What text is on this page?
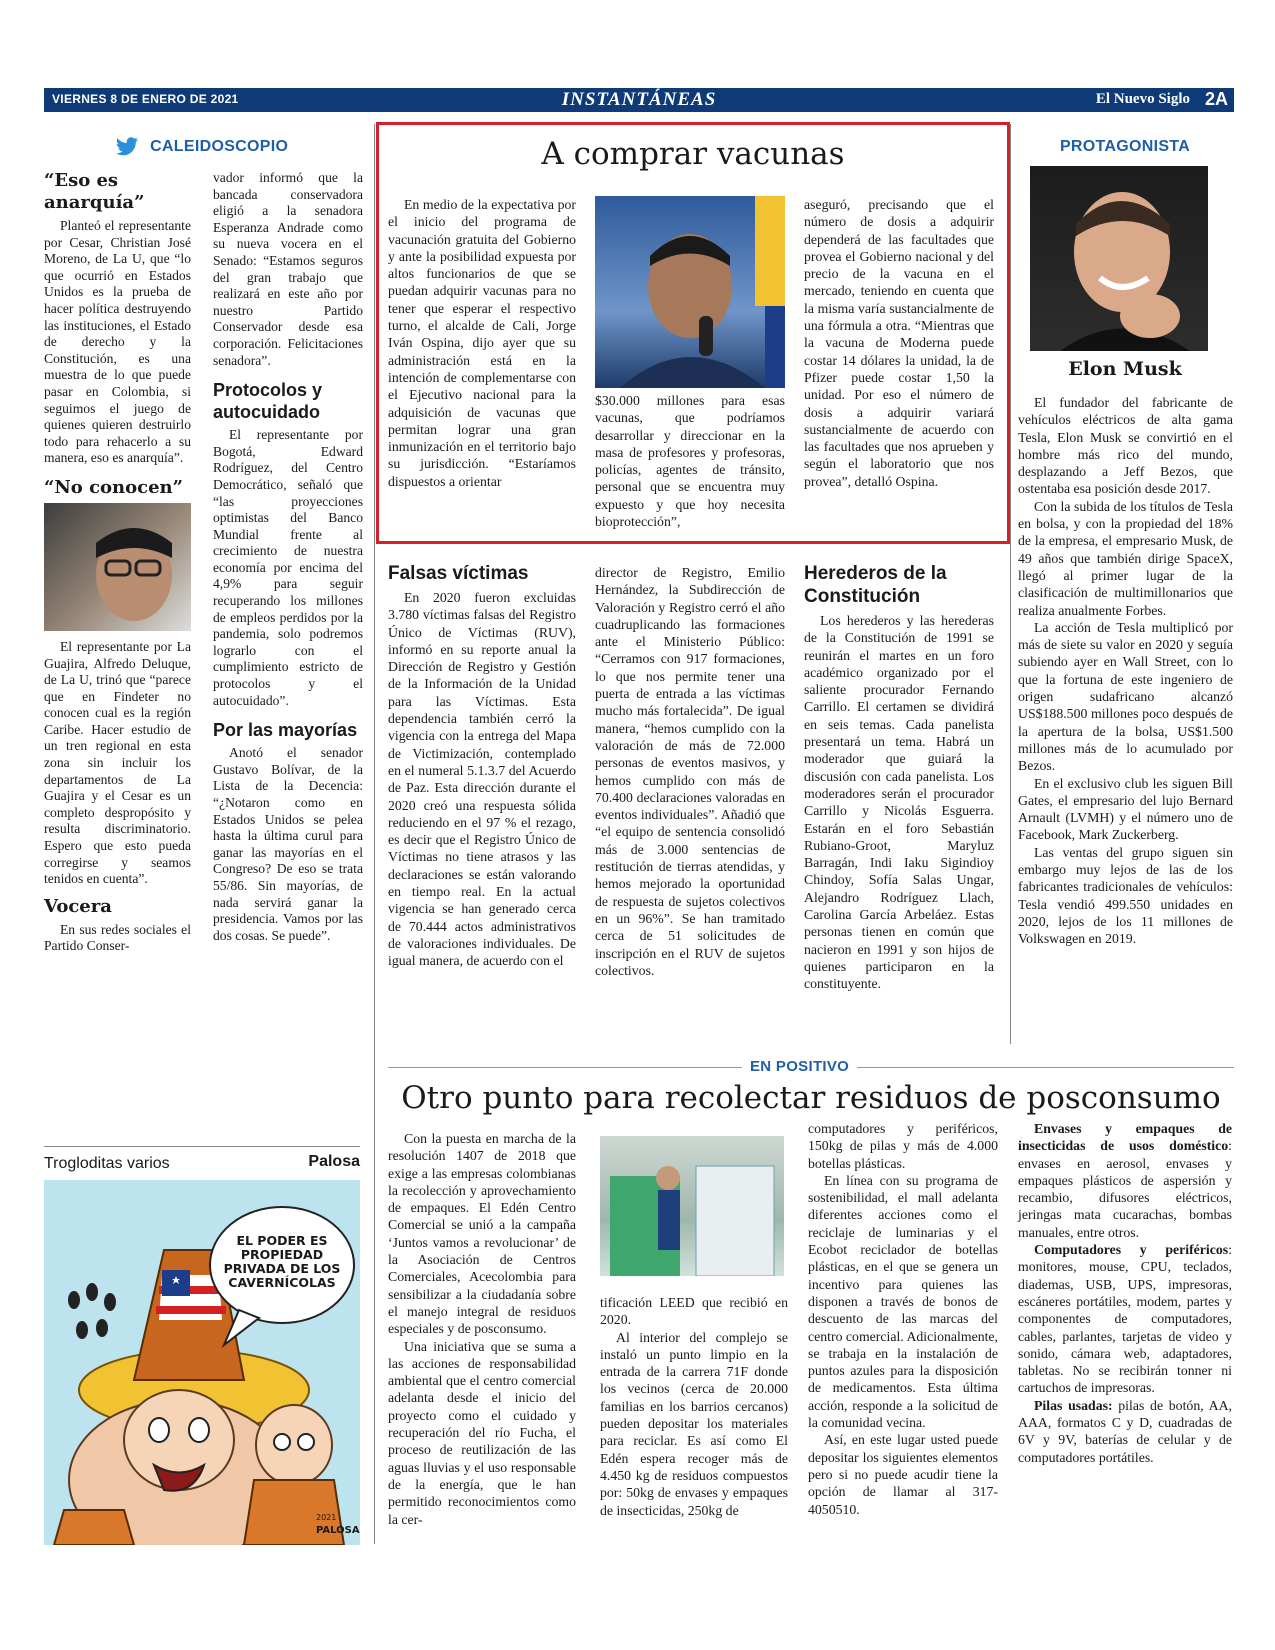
VIERNES 8 DE ENERO DE 2021	INSTANTÁNEAS	El Nuevo Siglo 2A
CALEIDOSCOPIO
“Eso es anarquía”

Planteó el representante por Cesar, Christian José Moreno, de La U, que “lo que ocurrió en Estados Unidos es la prueba de hacer política destruyendo las instituciones, el Estado de derecho y la Constitución, es una muestra de lo que puede pasar en Colombia, si seguimos el juego de quienes quieren destruirlo todo para rehacerlo a su manera, eso es anarquía”.

“No conocen”

El representante por La Guajira, Alfredo Deluque, de La U, trinó que “parece que en Findeter no conocen cual es la región Caribe. Hacer estudio de un tren regional en esta zona sin incluir los departamentos de La Guajira y el Cesar es un completo despropósito y resulta discriminatorio. Espero que esto pueda corregirse y seamos tenidos en cuenta”.

Vocera

En sus redes sociales el Partido Conser-

vador informó que la bancada conservadora eligió a la senadora Esperanza Andrade como su nueva vocera en el Senado: “Estamos seguros del gran trabajo que realizará en este año por nuestro Partido Conservador desde esa corporación. Felicitaciones senadora”.

Protocolos y autocuidado

El representante por Bogotá, Edward Rodríguez, del Centro Democrático, señaló que “las proyecciones optimistas del Banco Mundial frente al crecimiento de nuestra economía por encima del 4,9% para seguir recuperando los millones de empleos perdidos por la pandemia, solo podremos lograrlo con el cumplimiento estricto de protocolos y el autocuidado”.

Por las mayorías

Anotó el senador Gustavo Bolívar, de la Lista de la Decencia: “¿Notaron como en Estados Unidos se pelea hasta la última curul para ganar las mayorías en el Congreso? De eso se trata 55/86. Sin mayorías, de nada servirá ganar la presidencia. Vamos por las dos cosas. Se puede”.

Trogloditas varios	Palosa
EL PODER ES PROPIEDAD PRIVADA DE LOS CAVERNÍCOLAS
PALOSA
2021
A comprar vacunas

En medio de la expectativa por el inicio del programa de vacunación gratuita del Gobierno y ante la posibilidad expuesta por altos funcionarios de que se puedan adquirir vacunas para no tener que esperar el respectivo turno, el alcalde de Cali, Jorge Iván Ospina, dijo ayer que su administración está en la intención de complementarse con el Ejecutivo nacional para la adquisición de vacunas que permitan lograr una gran inmunización en el territorio bajo su jurisdicción. “Estaríamos dispuestos a orientar

$30.000 millones para esas vacunas, que podríamos desarrollar y direccionar en la masa de profesores y profesoras, policías, agentes de tránsito, personal que se encuentra muy expuesto y que hoy necesita bioprotección”,

aseguró, precisando que el número de dosis a adquirir dependerá de las facultades que provea el Gobierno nacional y del precio de la vacuna en el mercado, teniendo en cuenta que la misma varía sustancialmente de una fórmula a otra. “Mientras que la vacuna de Moderna puede costar 14 dólares la unidad, la de Pfizer puede costar 1,50 la unidad. Por eso el número de dosis a adquirir variará sustancialmente de acuerdo con las facultades que nos aprueben y según el laboratorio que nos provea”, detalló Ospina.

Falsas víctimas

En 2020 fueron excluidas 3.780 víctimas falsas del Registro Único de Víctimas (RUV), informó en su reporte anual la Dirección de Registro y Gestión de la Información de la Unidad para las Víctimas. Esta dependencia también cerró la vigencia con la entrega del Mapa de Victimización, contemplado en el numeral 5.1.3.7 del Acuerdo de Paz. Esta dirección durante el 2020 creó una respuesta sólida reduciendo en el 97 % el rezago, es decir que el Registro Único de Víctimas no tiene atrasos y las declaraciones se están valorando en tiempo real. En la actual vigencia se han generado cerca de 70.444 actos administrativos de valoraciones individuales. De igual manera, de acuerdo con el

director de Registro, Emilio Hernández, la Subdirección de Valoración y Registro cerró el año cuadruplicando las formaciones ante el Ministerio Público: “Cerramos con 917 formaciones, lo que nos permite tener una puerta de entrada a las víctimas mucho más fortalecida”. De igual manera, “hemos cumplido con la valoración de más de 72.000 personas de eventos masivos, y hemos cumplido con más de 70.400 declaraciones valoradas en eventos individuales”. Añadió que “el equipo de sentencia consolidó más de 3.000 sentencias de restitución de tierras atendidas, y hemos mejorado la oportunidad de respuesta de sujetos colectivos en un 96%”. Se han tramitado cerca de 51 solicitudes de inscripción en el RUV de sujetos colectivos.

Herederos de la Constitución

Los herederos y las herederas de la Constitución de 1991 se reunirán el martes en un foro académico organizado por el saliente procurador Fernando Carrillo. El certamen se dividirá en seis temas. Cada panelista presentará un tema. Habrá un moderador que guiará la discusión con cada panelista. Los moderadores serán el procurador Carrillo y Nicolás Esguerra. Estarán en el foro Sebastián Rubiano-Groot, Maryluz Barragán, Indi Iaku Sigindioy Chindoy, Sofía Salas Ungar, Alejandro Rodríguez Llach, Carolina García Arbeláez. Estas personas tienen en común que nacieron en 1991 y son hijos de quienes participaron en la constituyente.

PROTAGONISTA
Elon Musk

El fundador del fabricante de vehículos eléctricos de alta gama Tesla, Elon Musk se convirtió en el hombre más rico del mundo, desplazando a Jeff Bezos, que ostentaba esa posición desde 2017.

Con la subida de los títulos de Tesla en bolsa, y con la propiedad del 18% de la empresa, el empresario Musk, de 49 años que también dirige SpaceX, llegó al primer lugar de la clasificación de multimillonarios que realiza anualmente Forbes.

La acción de Tesla multiplicó por más de siete su valor en 2020 y seguía subiendo ayer en Wall Street, con lo que la fortuna de este ingeniero de origen sudafricano alcanzó US$188.500 millones poco después de la apertura de la bolsa, US$1.500 millones más de lo acumulado por Bezos.

En el exclusivo club les siguen Bill Gates, el empresario del lujo Bernard Arnault (LVMH) y el número uno de Facebook, Mark Zuckerberg.

Las ventas del grupo siguen sin embargo muy lejos de las de los fabricantes tradicionales de vehículos: Tesla vendió 499.550 unidades en 2020, lejos de los 11 millones de Volkswagen en 2019.

EN POSITIVO
Otro punto para recolectar residuos de posconsumo

Con la puesta en marcha de la resolución 1407 de 2018 que exige a las empresas colombianas la recolección y aprovechamiento de empaques. El Edén Centro Comercial se unió a la campaña ‘Juntos vamos a revolucionar’ de la Asociación de Centros Comerciales, Acecolombia para sensibilizar a la ciudadanía sobre el manejo integral de residuos especiales y de posconsumo.

Una iniciativa que se suma a las acciones de responsabilidad ambiental que el centro comercial adelanta desde el inicio del proyecto como el cuidado y recuperación del río Fucha, el proceso de reutilización de las aguas lluvias y el uso responsable de la energía, que le han permitido reconocimientos como la cer-

tificación LEED que recibió en 2020.

Al interior del complejo se instaló un punto limpio en la entrada de la carrera 71F donde los vecinos (cerca de 20.000 familias en los barrios cercanos) pueden depositar los materiales para reciclar. Es así como El Edén espera recoger más de 4.450 kg de residuos compuestos por: 50kg de envases y empaques de insecticidas, 250kg de

computadores y periféricos, 150kg de pilas y más de 4.000 botellas plásticas.

En línea con su programa de sostenibilidad, el mall adelanta diferentes acciones como el reciclaje de luminarias y el Ecobot reciclador de botellas plásticas, en el que se genera un incentivo para quienes las disponen a través de bonos de descuento de las marcas del centro comercial. Adicionalmente, se trabaja en la instalación de puntos azules para la disposición de medicamentos. Esta última acción, responde a la solicitud de la comunidad vecina.

Así, en este lugar usted puede depositar los siguientes elementos pero si no puede acudir tiene la opción de llamar al 317- 4050510.

Envases y empaques de insecticidas de usos doméstico: envases en aerosol, envases y empaques plásticos de aspersión y recambio, difusores eléctricos, jeringas mata cucarachas, bombas manuales, entre otros.

Computadores y periféricos: monitores, mouse, CPU, teclados, diademas, USB, UPS, impresoras, escáneres portátiles, modem, partes y componentes de computadores, cables, parlantes, tarjetas de video y sonido, cámara web, adaptadores, tabletas. No se recibirán tonner ni cartuchos de impresoras.

Pilas usadas: pilas de botón, AA, AAA, formatos C y D, cuadradas de 6V y 9V, baterías de celular y de computadores portátiles.
